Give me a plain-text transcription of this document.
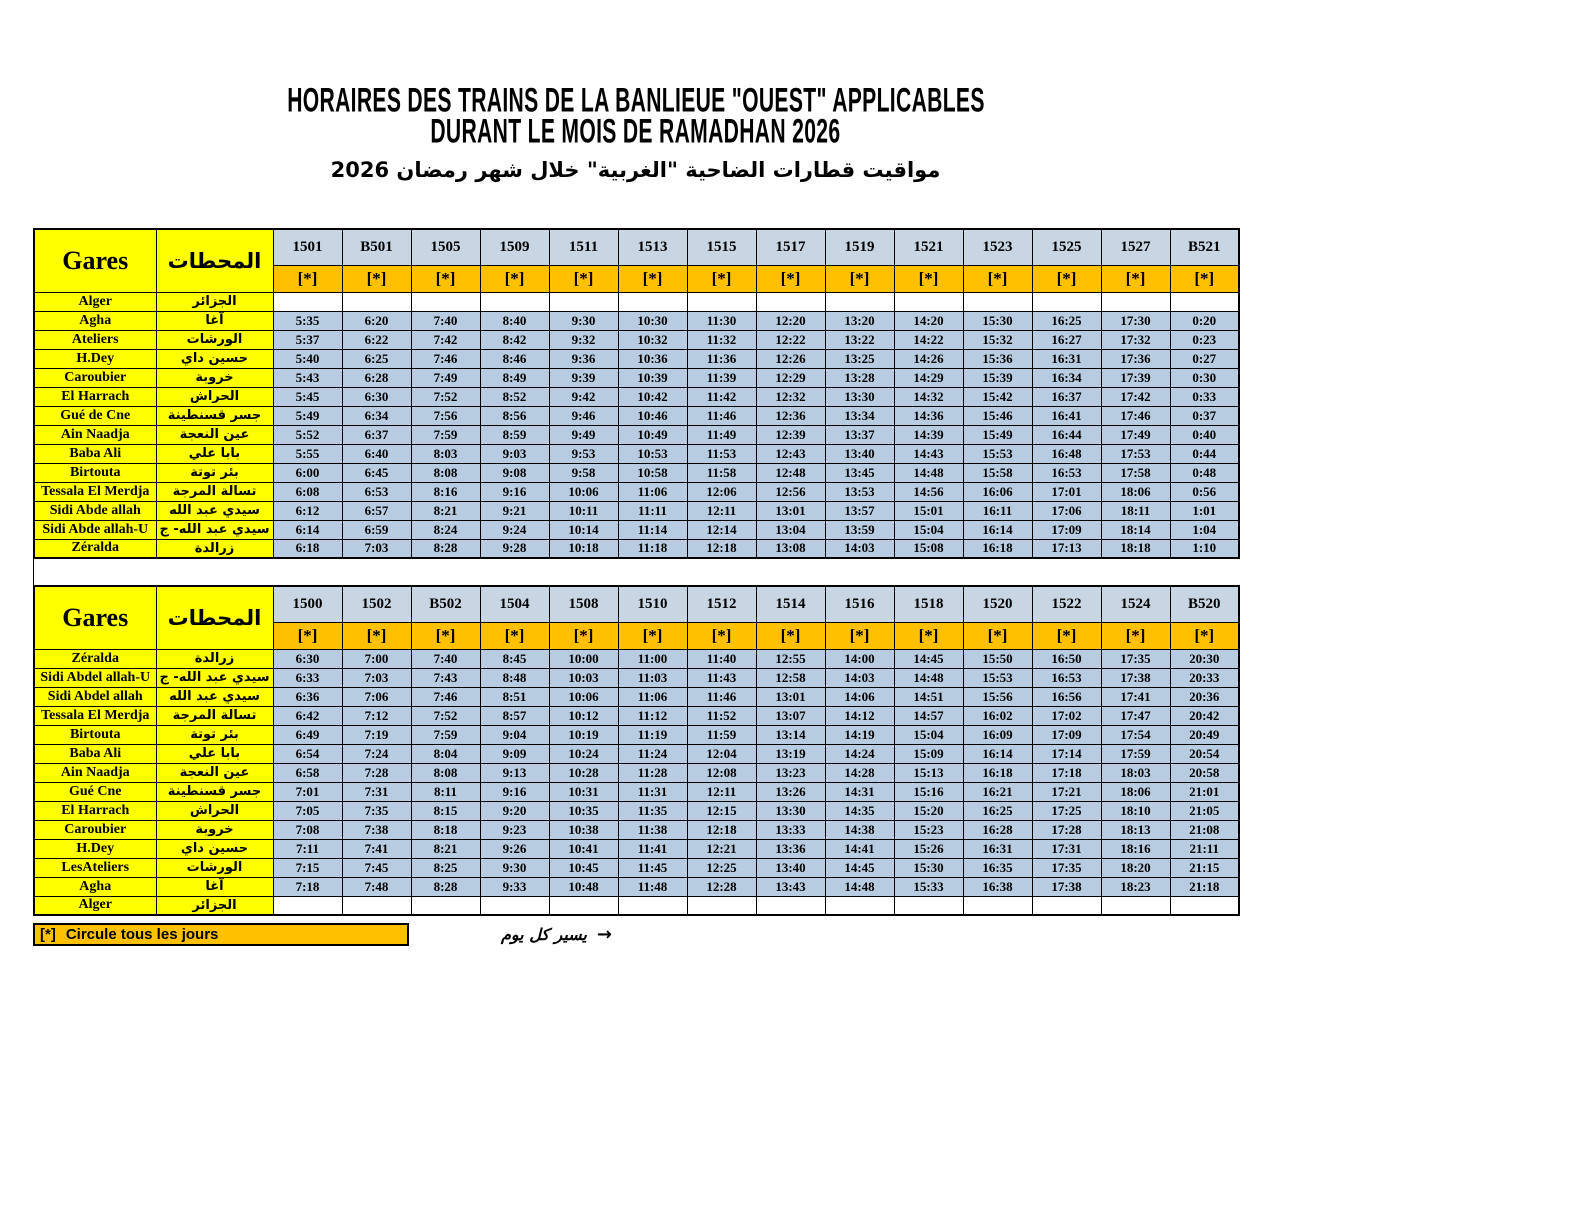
HORAIRES DES TRAINS DE LA BANLIEUE "OUEST" APPLICABLES
DURANT LE MOIS DE RAMADHAN 2026
مواقيت قطارات الضاحية "الغربية" خلال شهر رمضان 2026
Gares	المحطات	1501	B501	1505	1509	1511	1513	1515	1517	1519	1521	1523	1525	1527	B521
		[*]	[*]	[*]	[*]	[*]	[*]	[*]	[*]	[*]	[*]	[*]	[*]	[*]	[*]
Alger	الجزائر														
Agha	آغا	5:35	6:20	7:40	8:40	9:30	10:30	11:30	12:20	13:20	14:20	15:30	16:25	17:30	0:20
Ateliers	الورشات	5:37	6:22	7:42	8:42	9:32	10:32	11:32	12:22	13:22	14:22	15:32	16:27	17:32	0:23
H.Dey	حسين داي	5:40	6:25	7:46	8:46	9:36	10:36	11:36	12:26	13:25	14:26	15:36	16:31	17:36	0:27
Caroubier	خروبة	5:43	6:28	7:49	8:49	9:39	10:39	11:39	12:29	13:28	14:29	15:39	16:34	17:39	0:30
El Harrach	الحراش	5:45	6:30	7:52	8:52	9:42	10:42	11:42	12:32	13:30	14:32	15:42	16:37	17:42	0:33
Gué de Cne	جسر قسنطينة	5:49	6:34	7:56	8:56	9:46	10:46	11:46	12:36	13:34	14:36	15:46	16:41	17:46	0:37
Ain Naadja	عين النعجة	5:52	6:37	7:59	8:59	9:49	10:49	11:49	12:39	13:37	14:39	15:49	16:44	17:49	0:40
Baba Ali	بابا علي	5:55	6:40	8:03	9:03	9:53	10:53	11:53	12:43	13:40	14:43	15:53	16:48	17:53	0:44
Birtouta	بئر توتة	6:00	6:45	8:08	9:08	9:58	10:58	11:58	12:48	13:45	14:48	15:58	16:53	17:58	0:48
Tessala El Merdja	تسالة المرجة	6:08	6:53	8:16	9:16	10:06	11:06	12:06	12:56	13:53	14:56	16:06	17:01	18:06	0:56
Sidi Abde allah	سيدي عبد الله	6:12	6:57	8:21	9:21	10:11	11:11	12:11	13:01	13:57	15:01	16:11	17:06	18:11	1:01
Sidi Abde allah-U	سيدي عبد الله- ج	6:14	6:59	8:24	9:24	10:14	11:14	12:14	13:04	13:59	15:04	16:14	17:09	18:14	1:04
Zéralda	زرالدة	6:18	7:03	8:28	9:28	10:18	11:18	12:18	13:08	14:03	15:08	16:18	17:13	18:18	1:10
Gares	المحطات	1500	1502	B502	1504	1508	1510	1512	1514	1516	1518	1520	1522	1524	B520
		[*]	[*]	[*]	[*]	[*]	[*]	[*]	[*]	[*]	[*]	[*]	[*]	[*]	[*]
Zéralda	زرالدة	6:30	7:00	7:40	8:45	10:00	11:00	11:40	12:55	14:00	14:45	15:50	16:50	17:35	20:30
Sidi Abdel allah-U	سيدي عبد الله- ج	6:33	7:03	7:43	8:48	10:03	11:03	11:43	12:58	14:03	14:48	15:53	16:53	17:38	20:33
Sidi Abdel allah	سيدي عبد الله	6:36	7:06	7:46	8:51	10:06	11:06	11:46	13:01	14:06	14:51	15:56	16:56	17:41	20:36
Tessala El Merdja	تسالة المرجة	6:42	7:12	7:52	8:57	10:12	11:12	11:52	13:07	14:12	14:57	16:02	17:02	17:47	20:42
Birtouta	بئر توتة	6:49	7:19	7:59	9:04	10:19	11:19	11:59	13:14	14:19	15:04	16:09	17:09	17:54	20:49
Baba Ali	بابا علي	6:54	7:24	8:04	9:09	10:24	11:24	12:04	13:19	14:24	15:09	16:14	17:14	17:59	20:54
Ain Naadja	عين النعجة	6:58	7:28	8:08	9:13	10:28	11:28	12:08	13:23	14:28	15:13	16:18	17:18	18:03	20:58
Gué Cne	جسر قسنطينة	7:01	7:31	8:11	9:16	10:31	11:31	12:11	13:26	14:31	15:16	16:21	17:21	18:06	21:01
El Harrach	الحراش	7:05	7:35	8:15	9:20	10:35	11:35	12:15	13:30	14:35	15:20	16:25	17:25	18:10	21:05
Caroubier	خروبة	7:08	7:38	8:18	9:23	10:38	11:38	12:18	13:33	14:38	15:23	16:28	17:28	18:13	21:08
H.Dey	حسين داي	7:11	7:41	8:21	9:26	10:41	11:41	12:21	13:36	14:41	15:26	16:31	17:31	18:16	21:11
LesAteliers	الورشات	7:15	7:45	8:25	9:30	10:45	11:45	12:25	13:40	14:45	15:30	16:35	17:35	18:20	21:15
Agha	آغا	7:18	7:48	8:28	9:33	10:48	11:48	12:28	13:43	14:48	15:33	16:38	17:38	18:23	21:18
Alger	الجزائر														
[*] Circule tous les jours	يسير كل يوم →
